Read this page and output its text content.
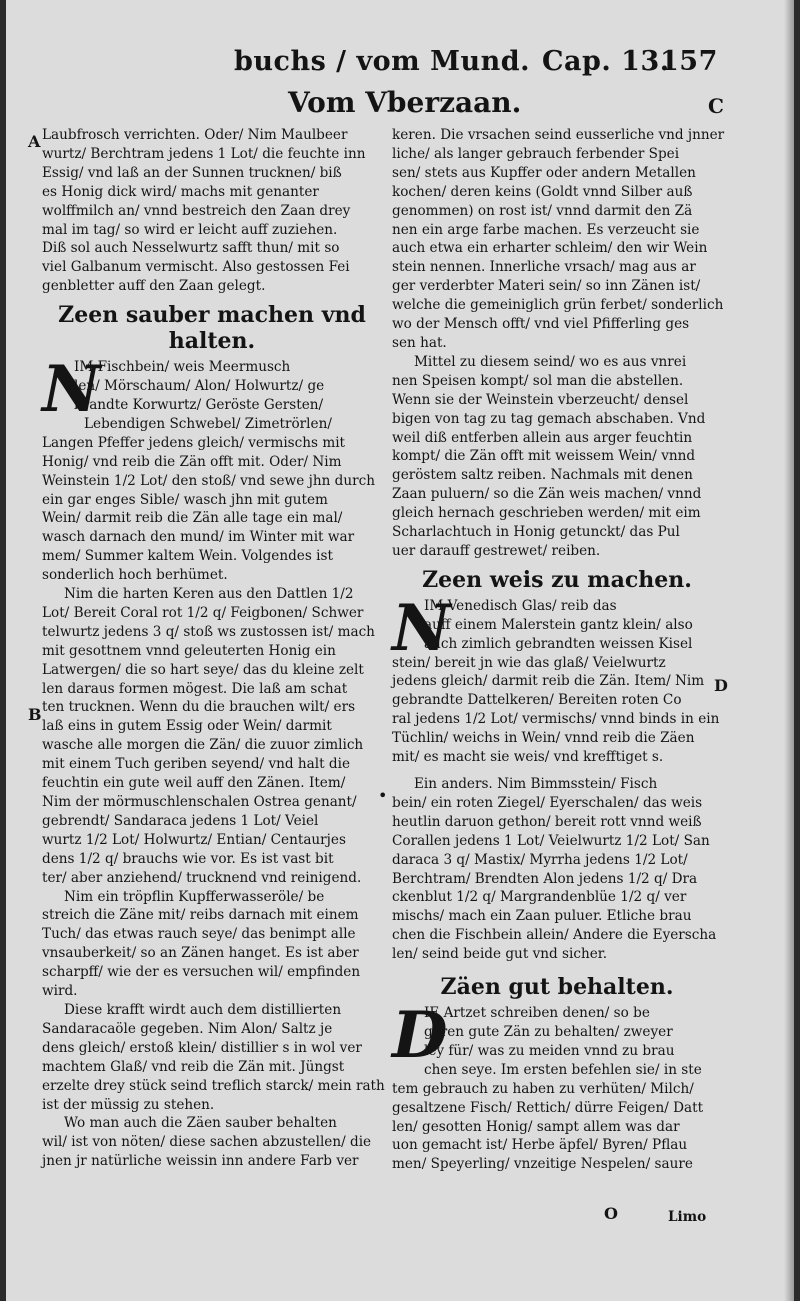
buchs / vom Mund. Cap. 13.
157
Vom Vberzaan.	C
A
B
D
•
Laubfrosch verrichten. Oder/ Nim Maulbeer
wurtz/ Berchtram jedens 1 Lot/ die feuchte inn
Essig/ vnd laß an der Sunnen trucknen/ biß
es Honig dick wird/ machs mit genanter
wolffmilch an/ vnnd bestreich den Zaan drey
mal im tag/ so wird er leicht auff zuziehen.
Diß sol auch Nesselwurtz safft thun/ mit so
viel Galbanum vermischt. Also gestossen Fei
genbletter auff den Zaan gelegt.
Zeen sauber machen vnd
halten.
N
IM Fischbein/ weis Meermusch
len/ Mörschaum/ Alon/ Holwurtz/ ge
brandte Korwurtz/ Geröste Gersten/
Lebendigen Schwebel/ Zimetrörlen/
Langen Pfeffer jedens gleich/ vermischs mit
Honig/ vnd reib die Zän offt mit. Oder/ Nim
Weinstein 1/2 Lot/ den stoß/ vnd sewe jhn durch
ein gar enges Sible/ wasch jhn mit gutem
Wein/ darmit reib die Zän alle tage ein mal/
wasch darnach den mund/ im Winter mit war
mem/ Summer kaltem Wein. Volgendes ist
sonderlich hoch berhümet.
Nim die harten Keren aus den Dattlen 1/2
Lot/ Bereit Coral rot 1/2 q/ Feigbonen/ Schwer
telwurtz jedens 3 q/ stoß ws zustossen ist/ mach
mit gesottnem vnnd geleuterten Honig ein
Latwergen/ die so hart seye/ das du kleine zelt
len daraus formen mögest. Die laß am schat
ten trucknen. Wenn du die brauchen wilt/ ers
laß eins in gutem Essig oder Wein/ darmit
wasche alle morgen die Zän/ die zuuor zimlich
mit einem Tuch geriben seyend/ vnd halt die
feuchtin ein gute weil auff den Zänen. Item/
Nim der mörmuschlenschalen Ostrea genant/
gebrendt/ Sandaraca jedens 1 Lot/ Veiel
wurtz 1/2 Lot/ Holwurtz/ Entian/ Centaurjes
dens 1/2 q/ brauchs wie vor. Es ist vast bit
ter/ aber anziehend/ trucknend vnd reinigend.
Nim ein tröpflin Kupfferwasseröle/ be
streich die Zäne mit/ reibs darnach mit einem
Tuch/ das etwas rauch seye/ das benimpt alle
vnsauberkeit/ so an Zänen hanget. Es ist aber
scharpff/ wie der es versuchen wil/ empfinden
wird.
Diese krafft wirdt auch dem distillierten
Sandaracaöle gegeben. Nim Alon/ Saltz je
dens gleich/ erstoß klein/ distillier s in wol ver
machtem Glaß/ vnd reib die Zän mit. Jüngst
erzelte drey stück seind treflich starck/ mein rath
ist der müssig zu stehen.
Wo man auch die Zäen sauber behalten
wil/ ist von nöten/ diese sachen abzustellen/ die
jnen jr natürliche weissin inn andere Farb ver
keren. Die vrsachen seind eusserliche vnd jnner
liche/ als langer gebrauch ferbender Spei
sen/ stets aus Kupffer oder andern Metallen
kochen/ deren keins (Goldt vnnd Silber auß
genommen) on rost ist/ vnnd darmit den Zä
nen ein arge farbe machen. Es verzeucht sie
auch etwa ein erharter schleim/ den wir Wein
stein nennen. Innerliche vrsach/ mag aus ar
ger verderbter Materi sein/ so inn Zänen ist/
welche die gemeiniglich grün ferbet/ sonderlich
wo der Mensch offt/ vnd viel Pfifferling ges
sen hat.
Mittel zu diesem seind/ wo es aus vnrei
nen Speisen kompt/ sol man die abstellen.
Wenn sie der Weinstein vberzeucht/ densel
bigen von tag zu tag gemach abschaben. Vnd
weil diß entferben allein aus arger feuchtin
kompt/ die Zän offt mit weissem Wein/ vnnd
geröstem saltz reiben. Nachmals mit denen
Zaan puluern/ so die Zän weis machen/ vnnd
gleich hernach geschrieben werden/ mit eim
Scharlachtuch in Honig getunckt/ das Pul
uer darauff gestrewet/ reiben.
Zeen weis zu machen.
N
IM Venedisch Glas/ reib das
auff einem Malerstein gantz klein/ also
auch zimlich gebrandten weissen Kisel
stein/ bereit jn wie das glaß/ Veielwurtz
jedens gleich/ darmit reib die Zän. Item/ Nim
gebrandte Dattelkeren/ Bereiten roten Co
ral jedens 1/2 Lot/ vermischs/ vnnd binds in ein
Tüchlin/ weichs in Wein/ vnnd reib die Zäen
mit/ es macht sie weis/ vnd krefftiget s.
Ein anders. Nim Bimmsstein/ Fisch
bein/ ein roten Ziegel/ Eyerschalen/ das weis
heutlin daruon gethon/ bereit rott vnnd weiß
Corallen jedens 1 Lot/ Veielwurtz 1/2 Lot/ San
daraca 3 q/ Mastix/ Myrrha jedens 1/2 Lot/
Berchtram/ Brendten Alon jedens 1/2 q/ Dra
ckenblut 1/2 q/ Margrandenblüe 1/2 q/ ver
mischs/ mach ein Zaan puluer. Etliche brau
chen die Fischbein allein/ Andere die Eyerscha
len/ seind beide gut vnd sicher.
Zäen gut behalten.
D
IE Artzet schreiben denen/ so be
geren gute Zän zu behalten/ zweyer
ley für/ was zu meiden vnnd zu brau
chen seye. Im ersten befehlen sie/ in ste
tem gebrauch zu haben zu verhüten/ Milch/
gesaltzene Fisch/ Rettich/ dürre Feigen/ Datt
len/ gesotten Honig/ sampt allem was dar
uon gemacht ist/ Herbe äpfel/ Byren/ Pflau
men/ Speyerling/ vnzeitige Nespelen/ saure
O	Limo
